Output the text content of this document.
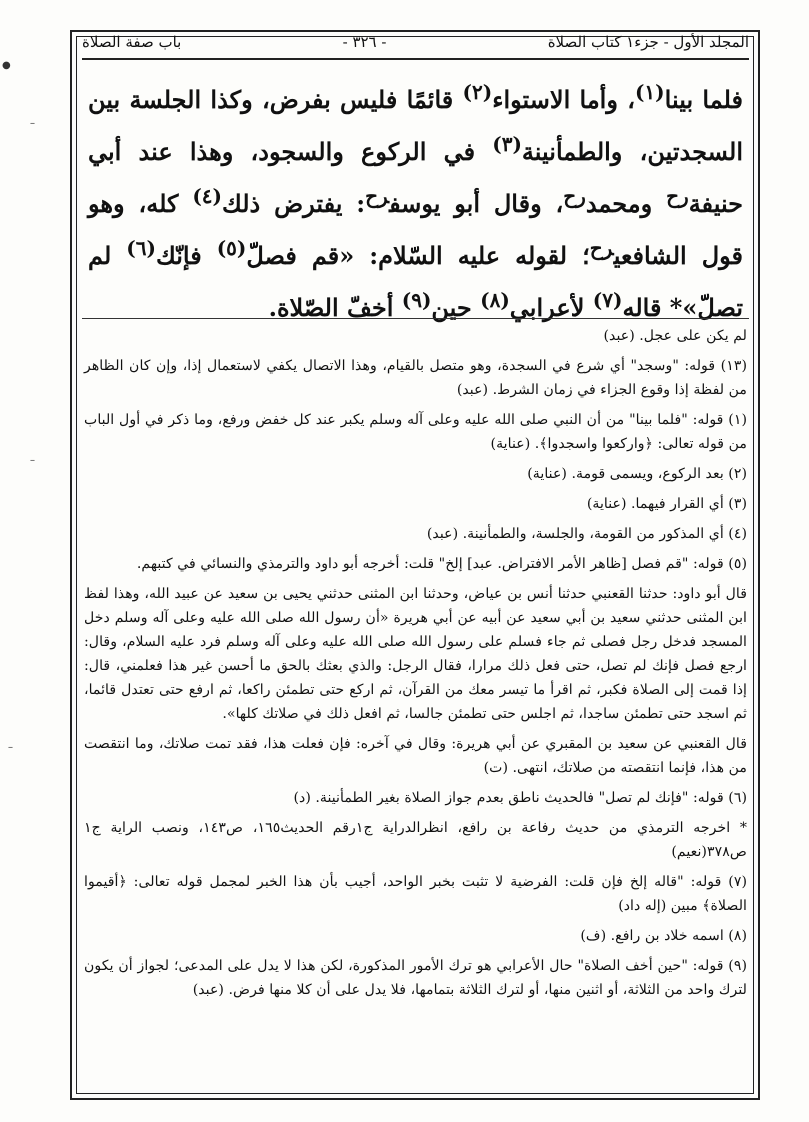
المجلد الأول - جزء١ كتاب الصلاة
- ٣٢٦ -
باب صفة الصلاة
فلما بينا$^{(١)}$، وأما الاستواء$^{(٢)}$ قائمًا فليس بفرض، وكذا الجلسة بين السجدتين، والطمأنينة$^{(٣)}$ في الركوع والسجود، وهذا عند أبي حنيفة$^{رح}$ ومحمد$^{رح}$، وقال أبو يوسف$^{رح}$: يفترض ذلك$^{(٤)}$ كله، وهو قول الشافعي$^{رح}$؛ لقوله عليه السّلام: «قم فصلّ$^{(٥)}$ فإنّك$^{(٦)}$ لم تصلّ»* قاله$^{(٧)}$ لأعرابي$^{(٨)}$ حين$^{(٩)}$ أخفّ الصّلاة.

لم يكن على عجل. (عبد)

(١٣) قوله: "وسجد" أي شرع في السجدة، وهو متصل بالقيام، وهذا الاتصال يكفي لاستعمال إذا، وإن كان الظاهر من لفظة إذا وقوع الجزاء في زمان الشرط. (عبد)

(١) قوله: "فلما بينا" من أن النبي صلى الله عليه وعلى آله وسلم يكبر عند كل خفض ورفع، وما ذكر في أول الباب من قوله تعالى: ﴿واركعوا واسجدوا﴾. (عناية)

(٢) بعد الركوع، ويسمى قومة. (عناية)

(٣) أي القرار فيهما. (عناية)

(٤) أي المذكور من القومة، والجلسة، والطمأنينة. (عبد)

(٥) قوله: "قم فصل [ظاهر الأمر الافتراض. عبد] إلخ" قلت: أخرجه أبو داود والترمذي والنسائي في كتبهم.

قال أبو داود: حدثنا القعنبي حدثنا أنس بن عياض، وحدثنا ابن المثنى حدثني يحيى بن سعيد عن عبيد الله، وهذا لفظ ابن المثنى حدثني سعيد بن أبي سعيد عن أبيه عن أبي هريرة «أن رسول الله صلى الله عليه وعلى آله وسلم دخل المسجد فدخل رجل فصلى ثم جاء فسلم على رسول الله صلى الله عليه وعلى آله وسلم فرد عليه السلام، وقال: ارجع فصل فإنك لم تصل، حتى فعل ذلك مرارا، فقال الرجل: والذي بعثك بالحق ما أحسن غير هذا فعلمني، قال: إذا قمت إلى الصلاة فكبر، ثم اقرأ ما تيسر معك من القرآن، ثم اركع حتى تطمئن راكعا، ثم ارفع حتى تعتدل قائما، ثم اسجد حتى تطمئن ساجدا، ثم اجلس حتى تطمئن جالسا، ثم افعل ذلك في صلاتك كلها».

قال القعنبي عن سعيد بن المقبري عن أبي هريرة: وقال في آخره: فإن فعلت هذا، فقد تمت صلاتك، وما انتقصت من هذا، فإنما انتقصته من صلاتك، انتهى. (ت)

(٦) قوله: "فإنك لم تصل" فالحديث ناطق بعدم جواز الصلاة بغير الطمأنينة. (د)

* اخرجه الترمذي من حديث رفاعة بن رافع، انظرالدراية ج١رقم الحديث١٦٥، ص١٤٣، ونصب الراية ج١ ص٣٧٨(نعيم)

(٧) قوله: "قاله إلخ فإن قلت: الفرضية لا تثبت بخبر الواحد، أجيب بأن هذا الخبر لمجمل قوله تعالى: ﴿أقيموا الصلاة﴾ مبين (إله داد)

(٨) اسمه خلاد بن رافع. (ف)

(٩) قوله: "حين أخف الصلاة" حال الأعرابي هو ترك الأمور المذكورة، لكن هذا لا يدل على المدعى؛ لجواز أن يكون لترك واحد من الثلاثة، أو اثنين منها، أو لترك الثلاثة بتمامها، فلا يدل على أن كلا منها فرض. (عبد)

●
–
–
–
